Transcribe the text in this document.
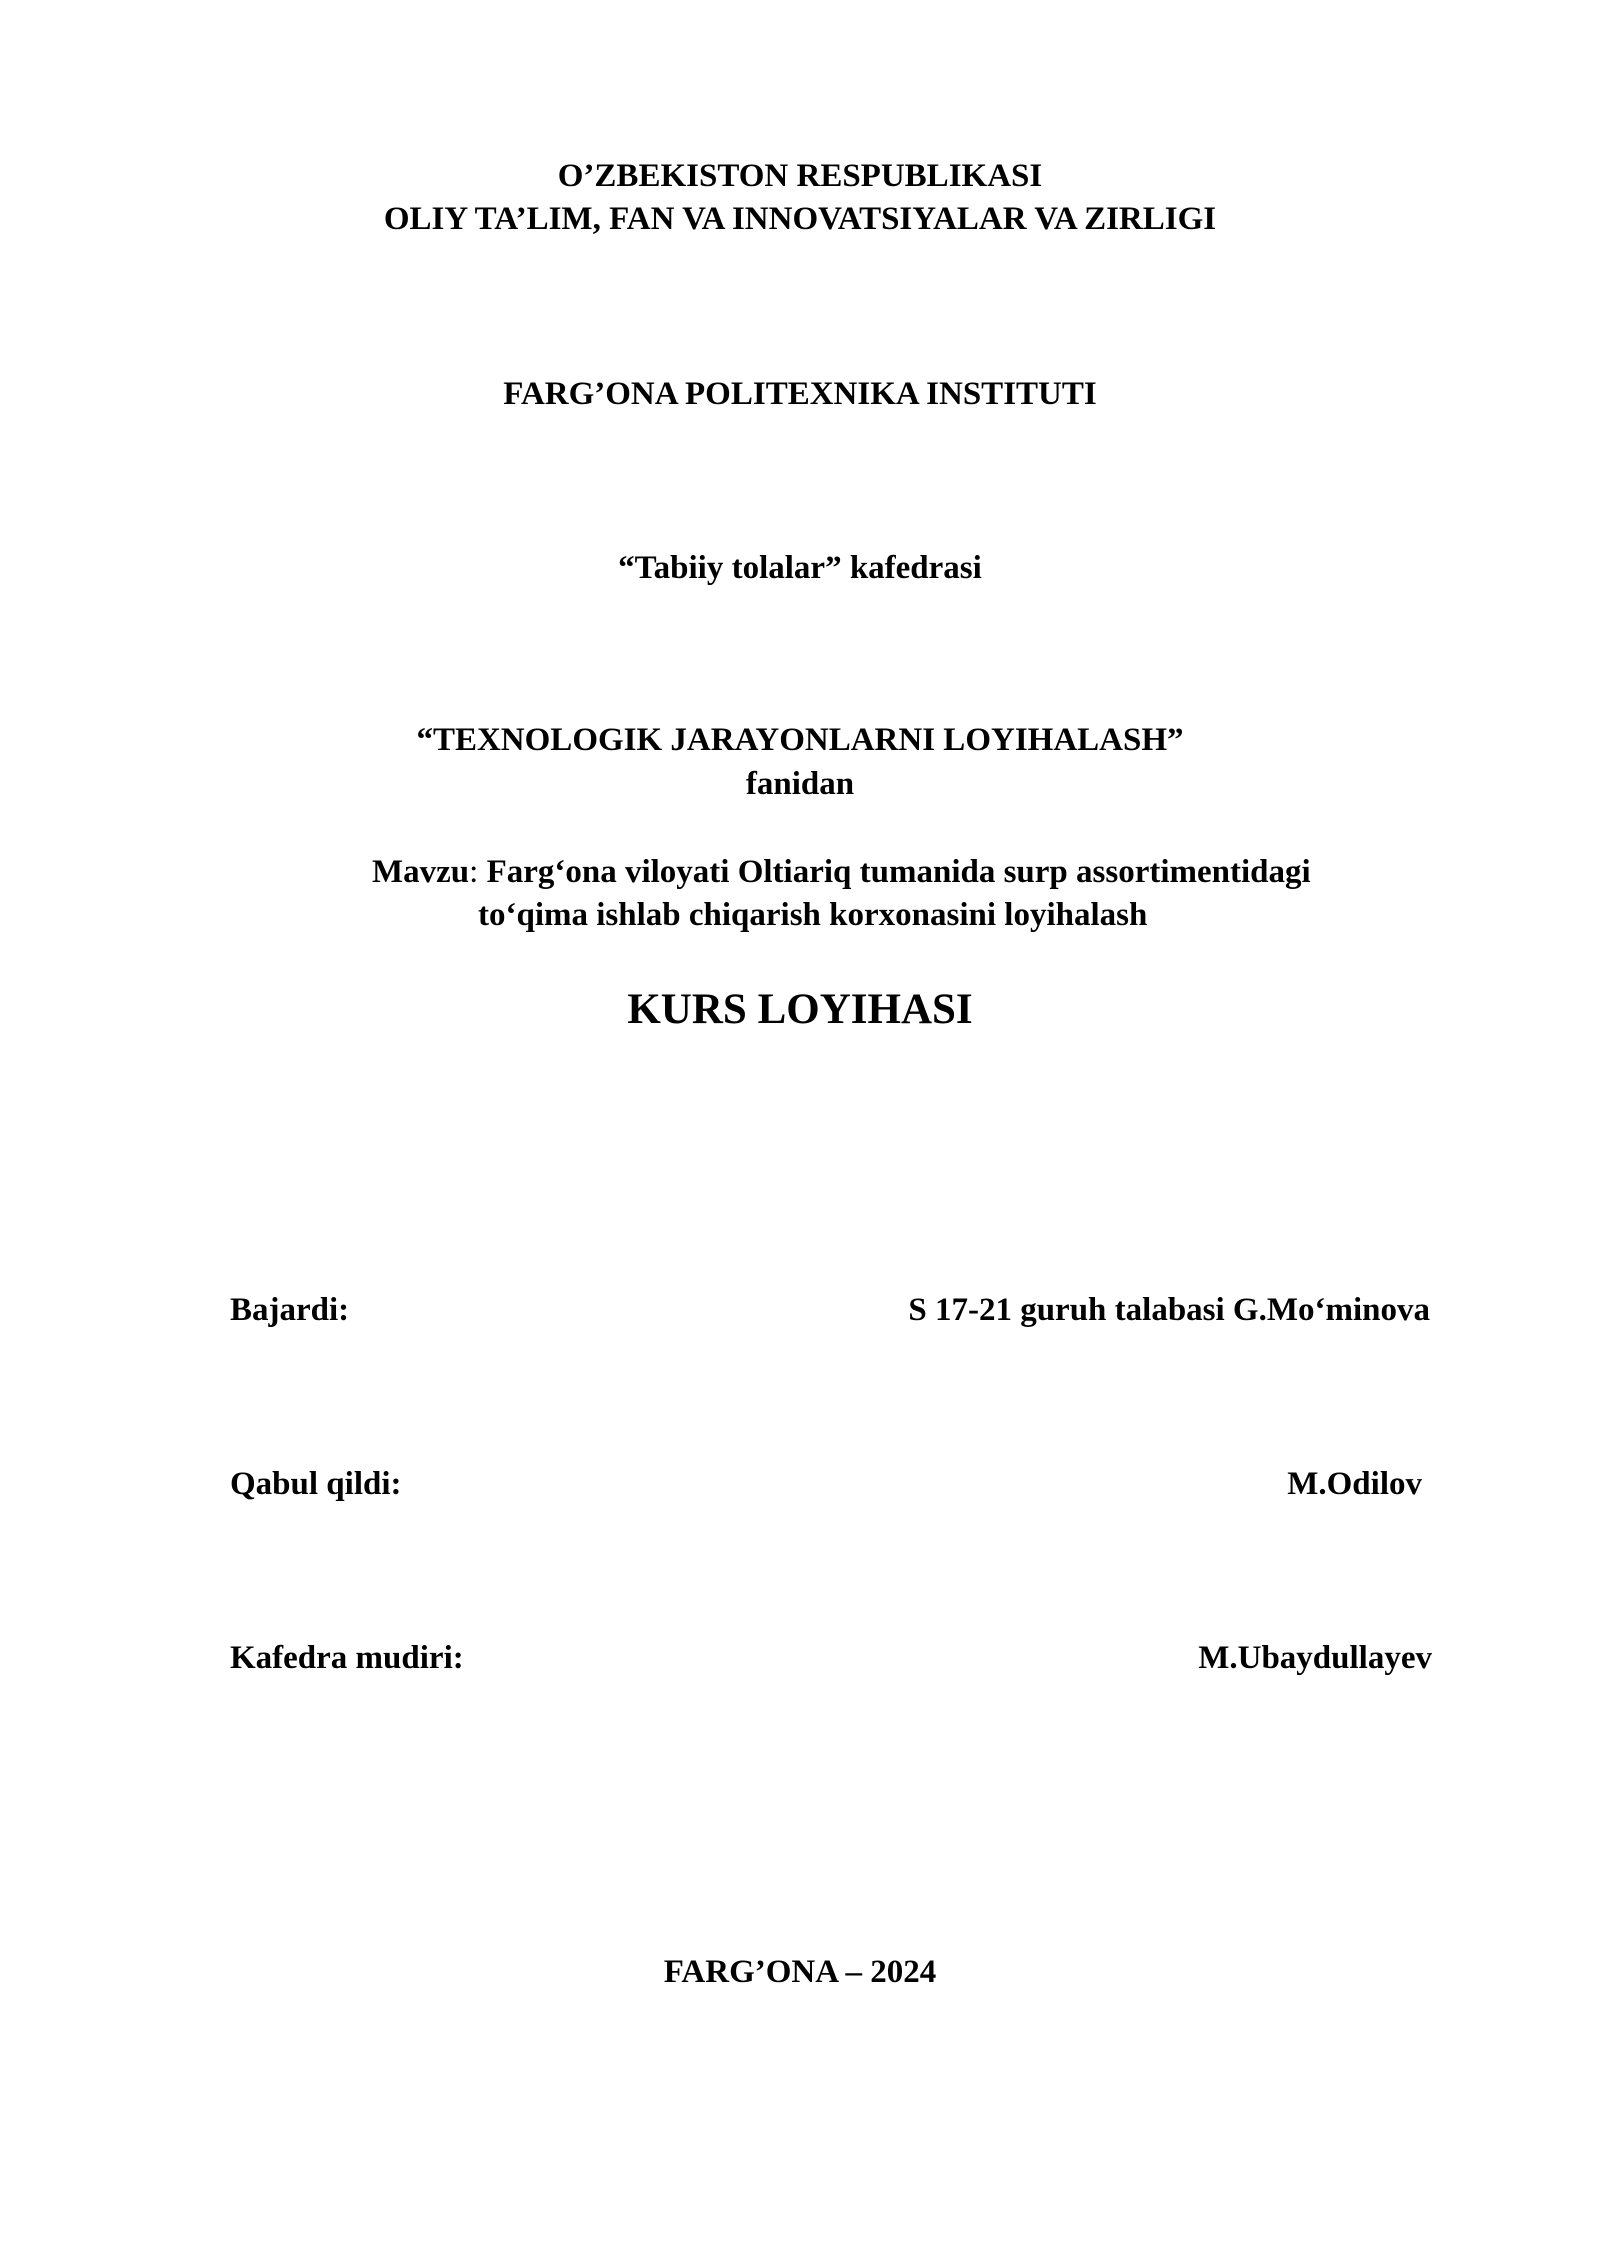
O’ZBEKISTON RESPUBLIKASI
OLIY TA’LIM, FAN VA INNOVATSIYALAR VA ZIRLIGI
FARG’ONA POLITEXNIKA INSTITUTI
“Tabiiy tolalar” kafedrasi
“TEXNOLOGIK JARAYONLARNI LOYIHALASH”
fanidan
Mavzu: Farg‘ona viloyati Oltiariq tumanida surp assortimentidagi
to‘qima ishlab chiqarish korxonasini loyihalash
KURS LOYIHASI
Bajardi:	S 17-21 guruh talabasi G.Mo‘minova
Qabul qildi:	M.Odilov
Kafedra mudiri:	M.Ubaydullayev
FARG’ONA – 2024
